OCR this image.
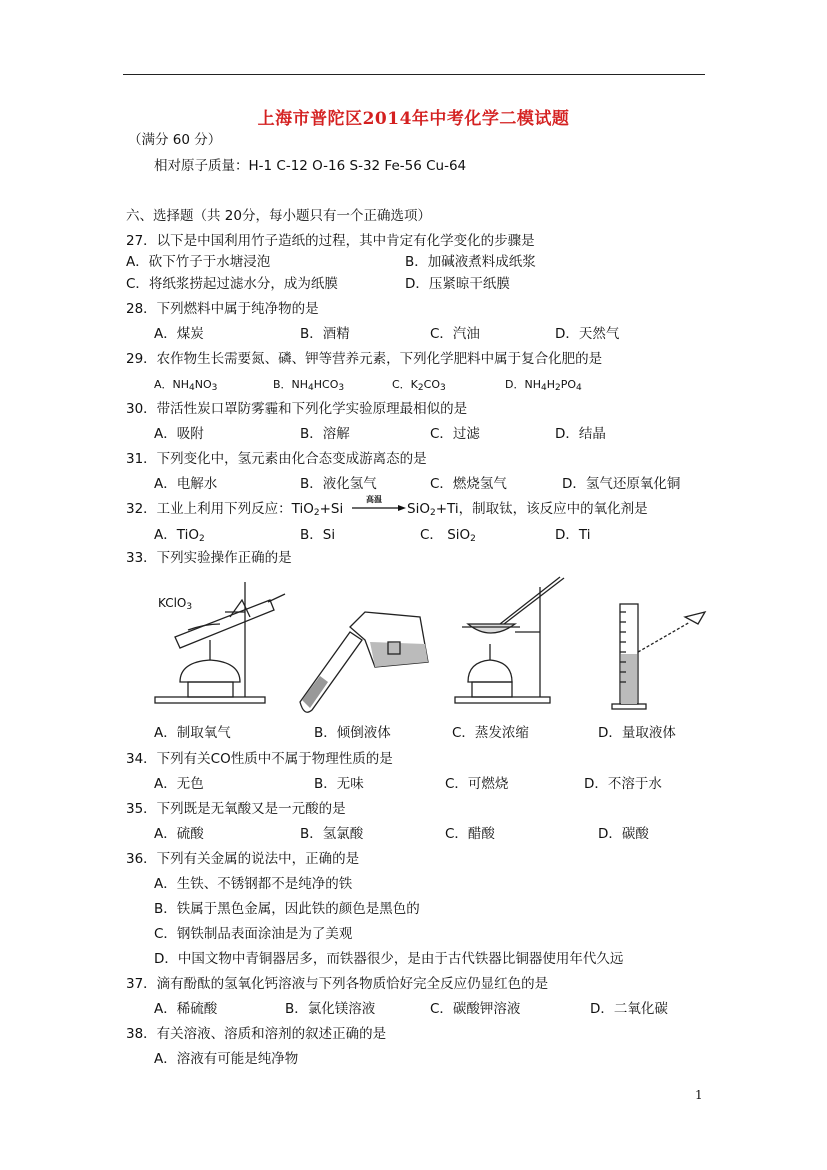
上海市普陀区2014年中考化学二模试题
（满分 60 分）
相对原子质量：H-1 C-12 O-16 S-32 Fe-56 Cu-64
六、选择题（共 20分，每小题只有一个正确选项）
27．以下是中国利用竹子造纸的过程，其中肯定有化学变化的步骤是
A．砍下竹子于水塘浸泡	B．加碱液煮料成纸浆
C．将纸浆捞起过滤水分，成为纸膜	D．压紧晾干纸膜
28．下列燃料中属于纯净物的是
A．煤炭	B．酒精	C．汽油	D．天然气
29．农作物生长需要氮、磷、钾等营养元素，下列化学肥料中属于复合化肥的是
A．$NH_4NO_3$	B．$NH_4HCO_3$	C．$K_2CO_3$	D．$NH_4H_2PO_4$
30．带活性炭口罩防雾霾和下列化学实验原理最相似的是
A．吸附	B．溶解	C．过滤	D．结晶
31．下列变化中，氢元素由化合态变成游离态的是
A．电解水	B．液化氢气	C．燃烧氢气	D．氢气还原氧化铜
32．工业上利用下列反应：TiO$_2$+Si
高温
SiO$_2$+Ti，制取钛，该反应中的氧化剂是
A．TiO$_2$	B．Si	C． SiO$_2$	D．Ti
33．下列实验操作正确的是
KClO$_3$
A．制取氧气	B．倾倒液体	C．蒸发浓缩	D．量取液体
34．下列有关CO性质中不属于物理性质的是
A．无色	B．无味	C．可燃烧	D．不溶于水
35．下列既是无氧酸又是一元酸的是
A．硫酸	B．氢氯酸	C．醋酸	D．碳酸
36．下列有关金属的说法中，正确的是
A．生铁、不锈钢都不是纯净的铁
B．铁属于黑色金属，因此铁的颜色是黑色的
C．钢铁制品表面涂油是为了美观
D．中国文物中青铜器居多，而铁器很少，是由于古代铁器比铜器使用年代久远
37．滴有酚酞的氢氧化钙溶液与下列各物质恰好完全反应仍显红色的是
A．稀硫酸	B．氯化镁溶液	C．碳酸钾溶液	D．二氧化碳
38．有关溶液、溶质和溶剂的叙述正确的是
A．溶液有可能是纯净物
1
